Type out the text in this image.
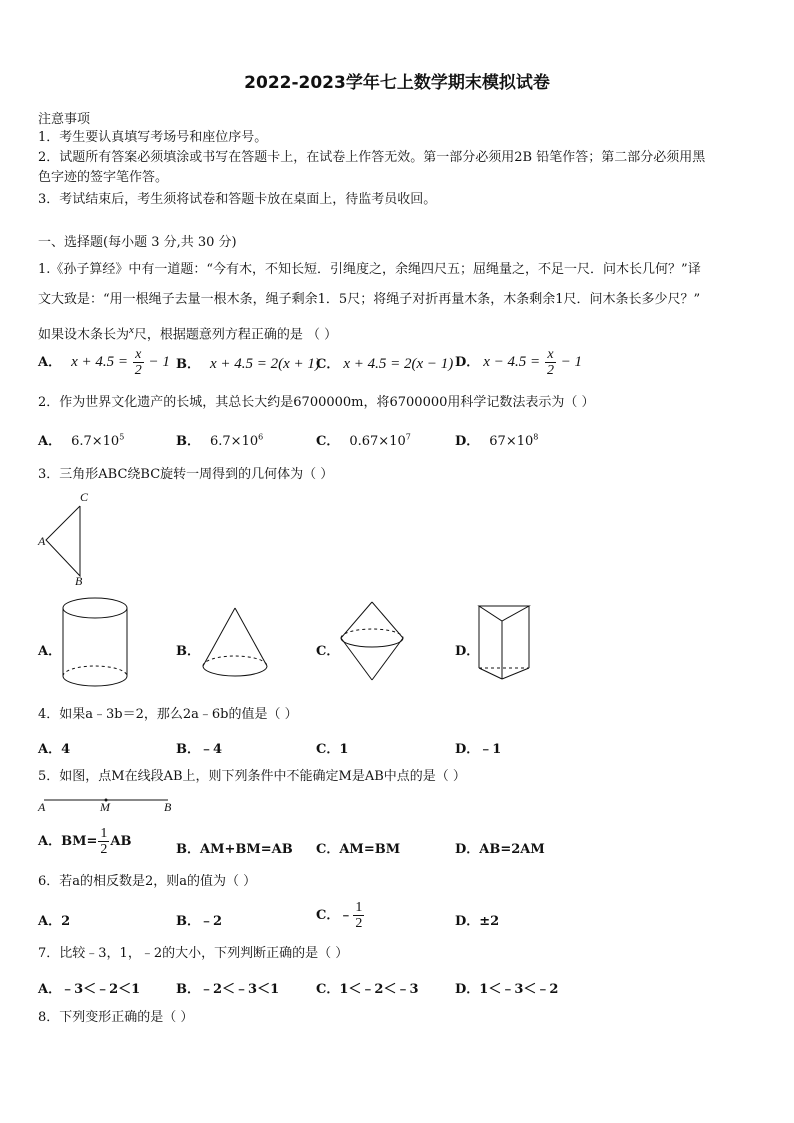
2022-2023学年七上数学期末模拟试卷
注意事项
1．考生要认真填写考场号和座位序号。
2．试题所有答案必须填涂或书写在答题卡上，在试卷上作答无效。第一部分必须用2B 铅笔作答；第二部分必须用黑
色字迹的签字笔作答。
3．考试结束后，考生须将试卷和答题卡放在桌面上，待监考员收回。
一、选择题(每小题 3 分,共 30 分)
1.《孙子算经》中有一道题：“今有木，不知长短．引绳度之，余绳四尺五；屈绳量之，不足一尺．问木长几何？”译
文大致是：“用一根绳子去量一根木条，绳子剩余1．5尺；将绳子对折再量木条，木条剩余1尺．问木条长多少尺？”
如果设木条长为$^x$尺，根据题意列方程正确的是 （ ）
A． $x + 4.5 = \frac{x}{2} - 1$ B． x + 4.5 = 2(x + 1)
C． x + 4.5 = 2(x − 1) D． $x - 4.5 = \frac{x}{2} - 1$
2．作为世界文化遗产的长城，其总长大约是6700000m，将6700000用科学记数法表示为（ ）
A． $6.7\times 10^5$	B． $6.7\times 10^6$	C． $0.67\times 10^7$	D． $67\times 10^8$
3．三角形ABC绕BC旋转一周得到的几何体为（ ）
C
A
B
A．	B．	C．	D．
4．如果a﹣3b＝2，那么2a﹣6b的值是（ ）
A．4	B．﹣4	C．1	D．﹣1
5．如图，点M在线段AB上，则下列条件中不能确定M是AB中点的是（ ）
A	M	B
A．$BM= \frac{1}{2}$ AB
B．AM+BM=AB C．AM=BM	D．AB=2AM
6．若a的相反数是2，则a的值为（ ）
A．2	B．﹣2	C．﹣ $\frac{1}{2}$	D．±2
7．比较﹣3，1，﹣2的大小，下列判断正确的是（ ）
A．﹣3＜﹣2＜1	B．﹣2＜﹣3＜1	C．1＜﹣2＜﹣3	D．1＜﹣3＜﹣2
8．下列变形正确的是（ ）
